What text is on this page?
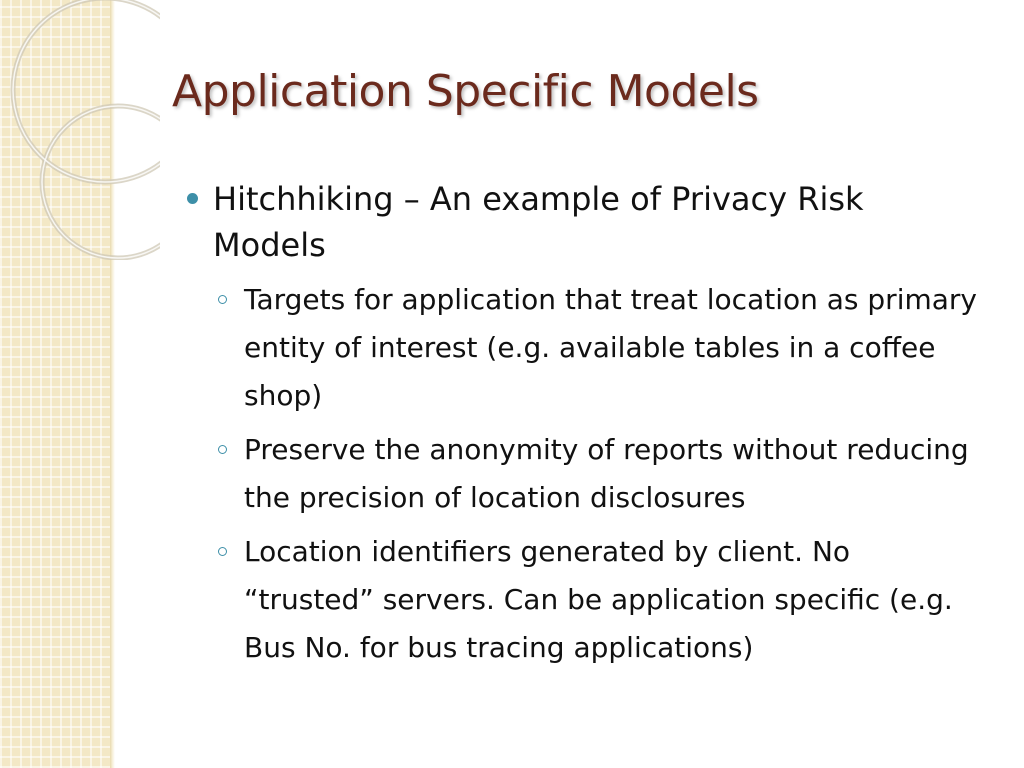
Application Specific Models
Hitchhiking – An example of Privacy Risk Models
Targets for application that treat location as primary entity of interest (e.g. available tables in a coffee shop)
Preserve the anonymity of reports without reducing the precision of location disclosures
Location identifiers generated by client. No “trusted” servers. Can be application specific (e.g. Bus No. for bus tracing applications)
